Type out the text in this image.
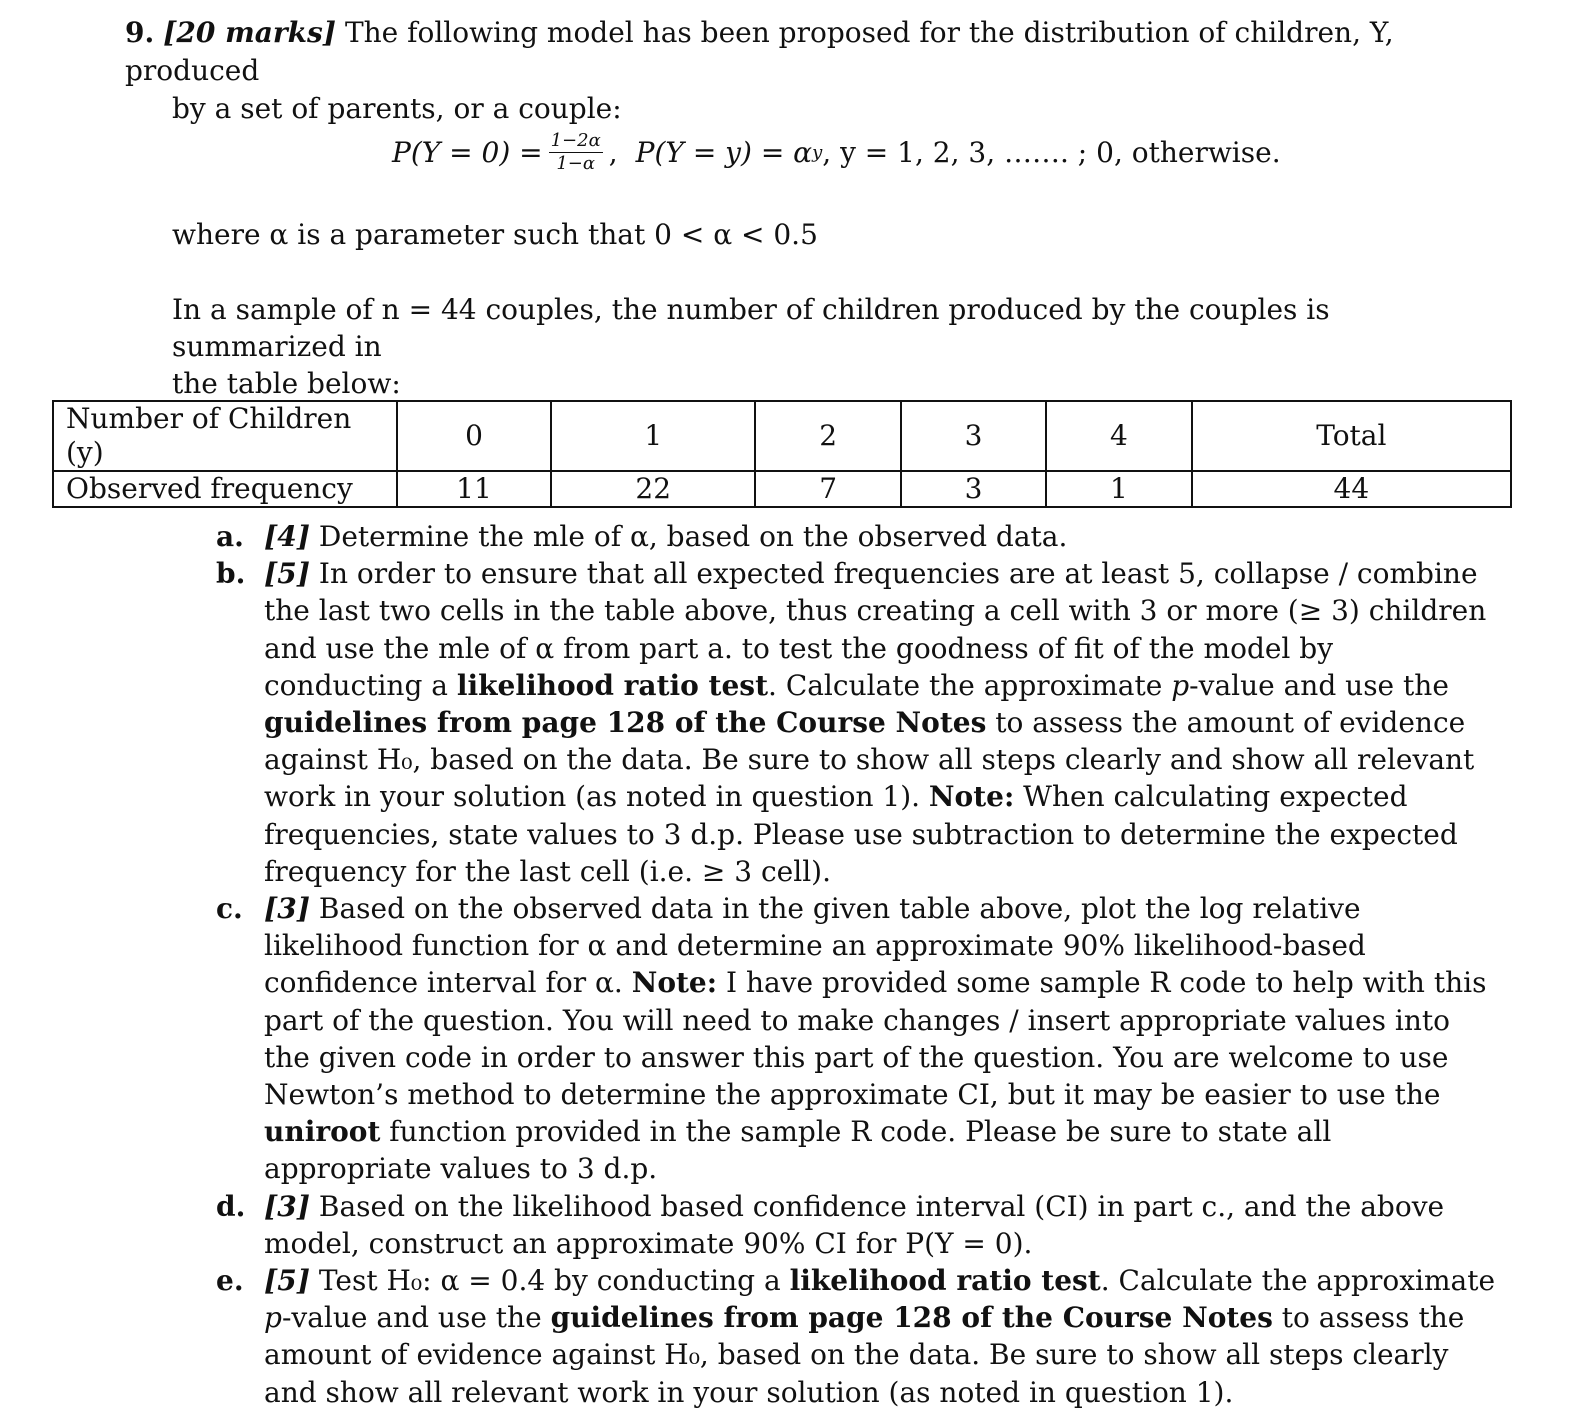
9. [20 marks] The following model has been proposed for the distribution of children, Y, produced
by a set of parents, or a couple:
$P(Y = 0) = \frac{1-2\alpha}{1-\alpha}$ , P(Y = y) = α y , y = 1, 2, 3, ……. ; 0, otherwise.
where α is a parameter such that 0 < α < 0.5
In a sample of n = 44 couples, the number of children produced by the couples is summarized in
the table below:
Number of Children (y)	0	1	2	3	4	Total
Observed frequency	11	22	7	3	1	44
a. [4] Determine the mle of α, based on the observed data.
b. [5] In order to ensure that all expected frequencies are at least 5, collapse / combine the last two cells in the table above, thus creating a cell with 3 or more (≥ 3) children and use the mle of α from part a. to test the goodness of fit of the model by conducting a likelihood ratio test. Calculate the approximate p-value and use the guidelines from page 128 of the Course Notes to assess the amount of evidence against H₀, based on the data. Be sure to show all steps clearly and show all relevant work in your solution (as noted in question 1). Note: When calculating expected frequencies, state values to 3 d.p. Please use subtraction to determine the expected frequency for the last cell (i.e. ≥ 3 cell).
c. [3] Based on the observed data in the given table above, plot the log relative likelihood function for α and determine an approximate 90% likelihood-based confidence interval for α. Note: I have provided some sample R code to help with this part of the question. You will need to make changes / insert appropriate values into the given code in order to answer this part of the question. You are welcome to use Newton’s method to determine the approximate CI, but it may be easier to use the uniroot function provided in the sample R code. Please be sure to state all appropriate values to 3 d.p.
d. [3] Based on the likelihood based confidence interval (CI) in part c., and the above model, construct an approximate 90% CI for P(Y = 0).
e. [5] Test H₀: α = 0.4 by conducting a likelihood ratio test. Calculate the approximate p-value and use the guidelines from page 128 of the Course Notes to assess the amount of evidence against H₀, based on the data. Be sure to show all steps clearly and show all relevant work in your solution (as noted in question 1).
